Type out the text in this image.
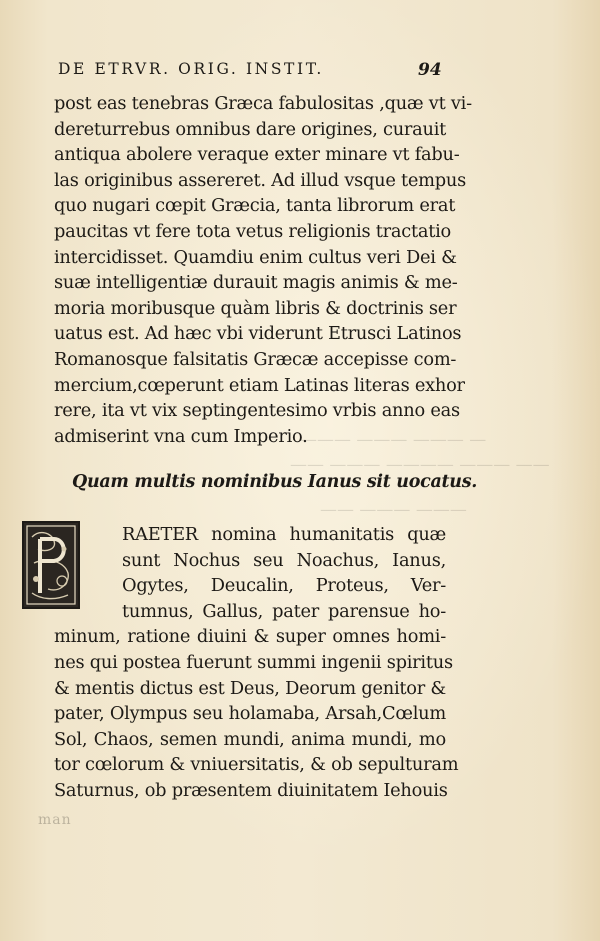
— ——— ——— ———
—— ——— ———— ——— ——
——— ——— ——
DE ETRVR. ORIG. INSTIT.	94
post eas tenebras Græca fabulositas ,quæ vt vi-
dereturrebus omnibus dare origines, curauit
antiqua abolere veraque exter minare vt fabu-
las originibus assereret. Ad illud vsque tempus
quo nugari cœpit Græcia, tanta librorum erat
paucitas vt fere tota vetus religionis tractatio
intercidisset. Quamdiu enim cultus veri Dei &
suæ intelligentiæ durauit magis animis & me-
moria moribusque quàm libris & doctrinis ser
uatus est. Ad hæc vbi viderunt Etrusci Latinos
Romanosque falsitatis Græcæ accepisse com-
mercium,cœperunt etiam Latinas literas exhor
rere, ita vt vix septingentesimo vrbis anno eas
admiserint vna cum Imperio.
Quam multis nominibus Ianus sit uocatus.
RAETER nomina humanitatis quæ
sunt Nochus seu Noachus, Ianus,
Ogytes, Deucalin, Proteus, Ver-
tumnus, Gallus, pater parensue ho-
minum, ratione diuini & super omnes homi-
nes qui postea fuerunt summi ingenii spiritus
& mentis dictus est Deus, Deorum genitor &
pater, Olympus seu holamaba, Arsah,Cœlum
Sol, Chaos, semen mundi, anima mundi, mo
tor cœlorum & vniuersitatis, & ob sepulturam
Saturnus, ob præsentem diuinitatem Iehouis
man
